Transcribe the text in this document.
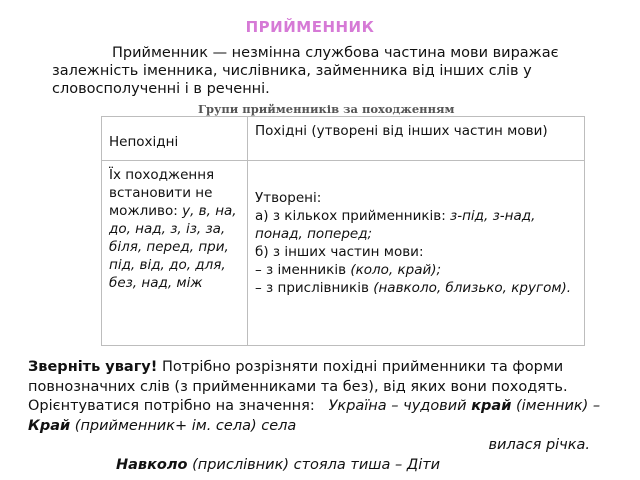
ПРИЙМЕННИК
Прийменник — незмінна службова частина мови виражає залежність іменника, числівника, займенника від інших слів у словосполученні і в реченні.
Групи прийменників за походженням
Непохідні	Похідні (утворені від інших частин мови)
Їх походження встановити не можливо: у, в, на, до, над, з, із, за, біля, перед, при, під, від, до, для, без, над, між	Утворені:
а) з кількох прийменників: з-під, з-над, понад, поперед;
б) з інших частин мови:
– з іменників (коло, край);
– з прислівників (навколо, близько, кругом).
Зверніть увагу! Потрібно розрізняти похідні прийменники та форми повнозначних слів (з прийменниками та без), від яких вони походять. Орієнтуватися потрібно на значення: Україна – чудовий край (іменник) – Край (прийменник+ ім. села) села
вилася річка.
Навколо (прислівник) стояла тиша – Діти
